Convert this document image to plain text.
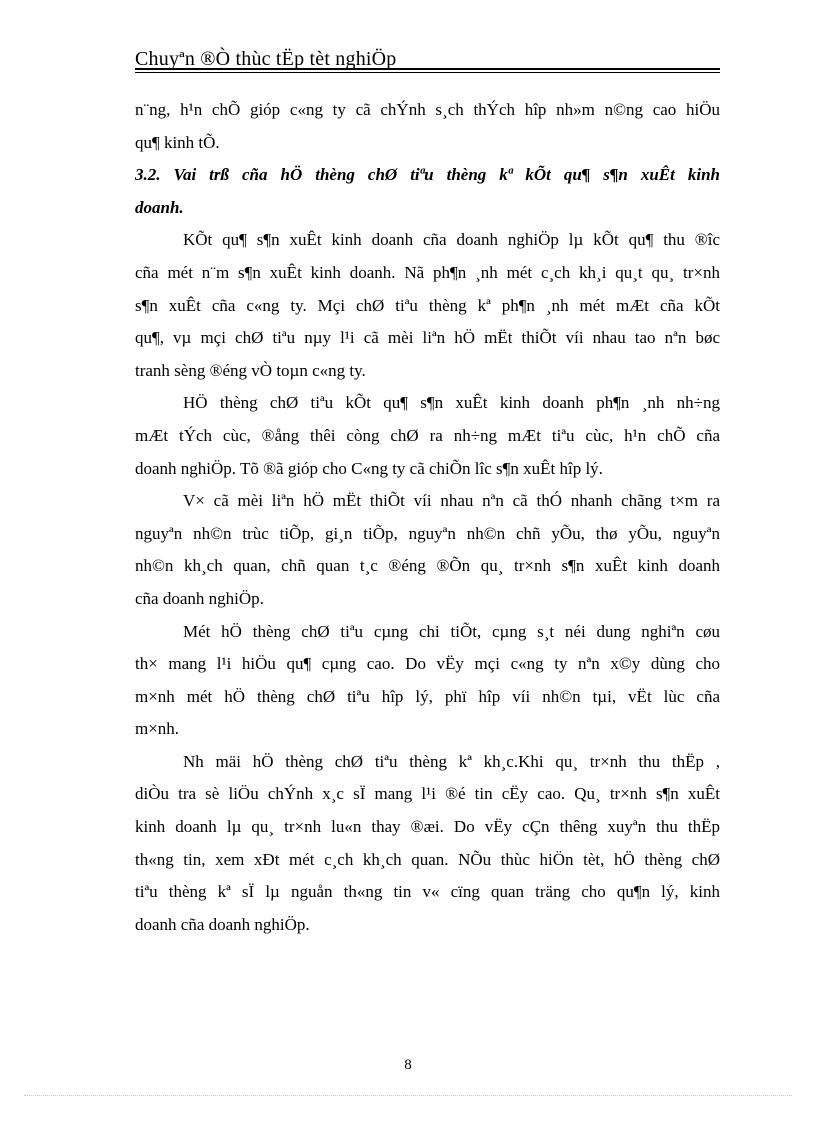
Chuyªn ®Ò thùc tËp tèt nghiÖp
n¨ng, h¹n chÕ gióp c«ng ty cã chÝnh s¸ch thÝch hîp nh»m n©ng cao hiÖu
qu¶ kinh tÕ.
3.2. Vai trß cña hÖ thèng chØ tiªu thèng kª kÕt qu¶ s¶n xuÊt kinh
doanh.
KÕt qu¶ s¶n xuÊt kinh doanh cña doanh nghiÖp lµ kÕt qu¶ thu ®îc
cña mét n¨m s¶n xuÊt kinh doanh. Nã ph¶n ¸nh mét c¸ch kh¸i qu¸t qu¸ tr×nh
s¶n xuÊt cña c«ng ty. Mçi chØ tiªu thèng kª ph¶n ¸nh mét mÆt cña kÕt
qu¶, vµ mçi chØ tiªu nµy l¹i cã mèi liªn hÖ mËt thiÕt víi nhau tao nªn bøc
tranh sèng ®éng vÒ toµn c«ng ty.
HÖ thèng chØ tiªu kÕt qu¶ s¶n xuÊt kinh doanh ph¶n ¸nh nh÷ng
mÆt tÝch cùc, ®ång thêi còng chØ ra nh÷ng mÆt tiªu cùc, h¹n chÕ cña
doanh nghiÖp. Tõ ®ã gióp cho C«ng ty cã chiÕn lîc s¶n xuÊt hîp lý.
V× cã mèi liªn hÖ mËt thiÕt víi nhau nªn cã thÓ nhanh chãng t×m ra
nguyªn nh©n trùc tiÕp, gi¸n tiÕp, nguyªn nh©n chñ yÕu, thø yÕu, nguyªn
nh©n kh¸ch quan, chñ quan t¸c ®éng ®Õn qu¸ tr×nh s¶n xuÊt kinh doanh
cña doanh nghiÖp.
Mét hÖ thèng chØ tiªu cµng chi tiÕt, cµng s¸t néi dung nghiªn cøu
th× mang l¹i hiÖu qu¶ cµng cao. Do vËy mçi c«ng ty nªn x©y dùng cho
m×nh mét hÖ thèng chØ tiªu hîp lý, phï hîp víi nh©n tµi, vËt lùc cña
m×nh.
Nh mäi hÖ thèng chØ tiªu thèng kª kh¸c.Khi qu¸ tr×nh thu thËp ,
diÒu tra sè liÖu chÝnh x¸c sÏ mang l¹i ®é tin cËy cao. Qu¸ tr×nh s¶n xuÊt
kinh doanh lµ qu¸ tr×nh lu«n thay ®æi. Do vËy cÇn thêng xuyªn thu thËp
th«ng tin, xem xÐt mét c¸ch kh¸ch quan. NÕu thùc hiÖn tèt, hÖ thèng chØ
tiªu thèng kª sÏ lµ nguån th«ng tin v« cïng quan träng cho qu¶n lý, kinh
doanh cña doanh nghiÖp.
8
